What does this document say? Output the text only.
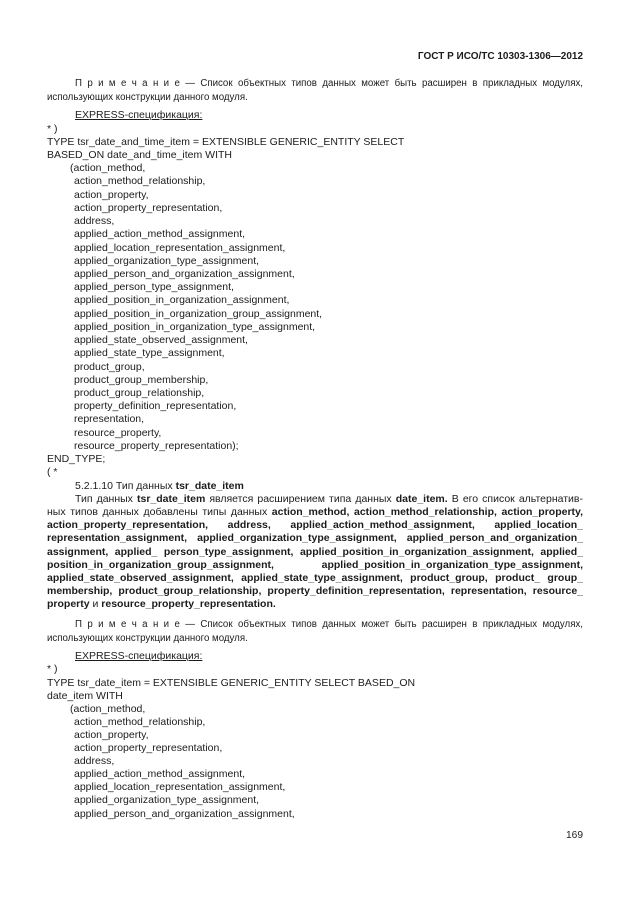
ГОСТ Р ИСО/ТС 10303-1306—2012
П р и м е ч а н и е — Список объектных типов данных может быть расширен в прикладных модулях,
использующих конструкции данного модуля.
EXPRESS-спецификация:
* )
TYPE tsr_date_and_time_item = EXTENSIBLE GENERIC_ENTITY SELECT
BASED_ON date_and_time_item WITH
(action_method,
action_method_relationship,
action_property,
action_property_representation,
address,
applied_action_method_assignment,
applied_location_representation_assignment,
applied_organization_type_assignment,
applied_person_and_organization_assignment,
applied_person_type_assignment,
applied_position_in_organization_assignment,
applied_position_in_organization_group_assignment,
applied_position_in_organization_type_assignment,
applied_state_observed_assignment,
applied_state_type_assignment,
product_group,
product_group_membership,
product_group_relationship,
property_definition_representation,
representation,
resource_property,
resource_property_representation);
END_TYPE;
( *
5.2.1.10 Тип данных tsr_date_item
Тип данных tsr_date_item является расширением типа данных date_item. В его список альтернатив-
ных типов данных добавлены типы данных action_method, action_method_relationship, action_property,
action_property_representation, address, applied_action_method_assignment, applied_location_
representation_assignment, applied_organization_type_assignment, applied_person_and_organization_
assignment, applied_ person_type_assignment, applied_position_in_organization_assignment, applied_
position_in_organization_group_assignment, applied_position_in_organization_type_assignment,
applied_state_observed_assignment, applied_state_type_assignment, product_group, product_ group_
membership, product_group_relationship, property_definition_representation, representation, resource_
property и resource_property_representation.
П р и м е ч а н и е — Список объектных типов данных может быть расширен в прикладных модулях,
использующих конструкции данного модуля.
EXPRESS-спецификация:
* )
TYPE tsr_date_item = EXTENSIBLE GENERIC_ENTITY SELECT BASED_ON
date_item WITH
(action_method,
action_method_relationship,
action_property,
action_property_representation,
address,
applied_action_method_assignment,
applied_location_representation_assignment,
applied_organization_type_assignment,
applied_person_and_organization_assignment,
169
